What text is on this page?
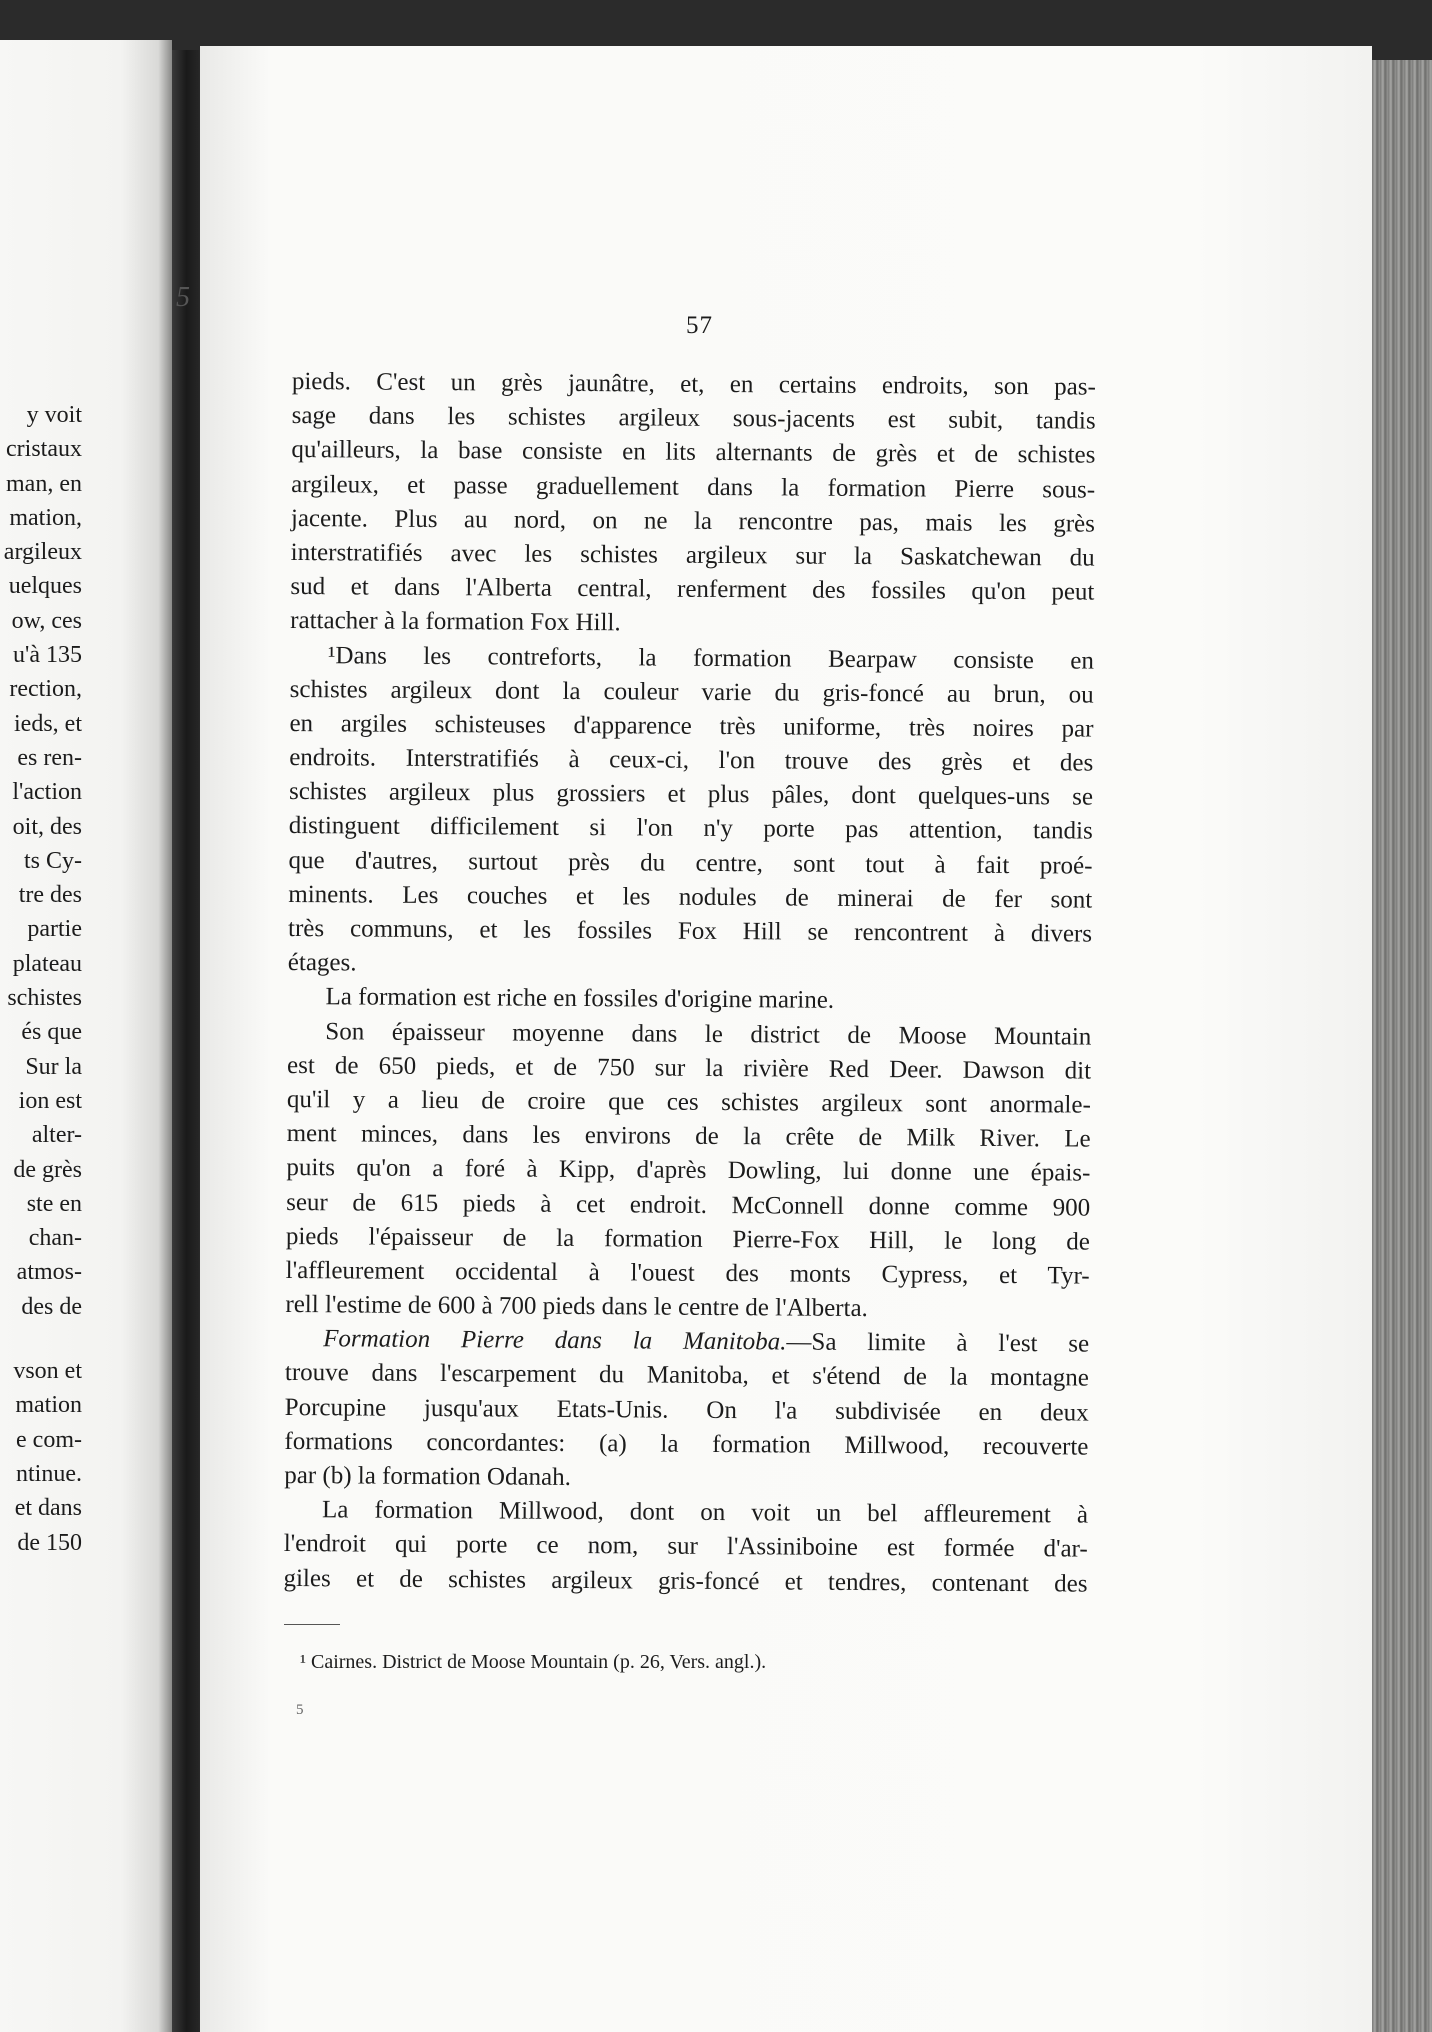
y voit
cristaux
man, en
mation,
argileux
uelques
ow, ces
u'à 135
rection,
ieds, et
es ren-
l'action
oit, des
ts Cy-
tre des
partie
plateau
schistes
és que
Sur la
ion est
alter-
de grès
ste en
chan-
atmos-
des de
vson et
mation
e com-
ntinue.
et dans
de 150
5
57
pieds. C'est un grès jaunâtre, et, en certains endroits, son pas-
sage dans les schistes argileux sous-jacents est subit, tandis
qu'ailleurs, la base consiste en lits alternants de grès et de schistes
argileux, et passe graduellement dans la formation Pierre sous-
jacente. Plus au nord, on ne la rencontre pas, mais les grès
interstratifiés avec les schistes argileux sur la Saskatchewan du
sud et dans l'Alberta central, renferment des fossiles qu'on peut
rattacher à la formation Fox Hill.
¹Dans les contreforts, la formation Bearpaw consiste en
schistes argileux dont la couleur varie du gris-foncé au brun, ou
en argiles schisteuses d'apparence très uniforme, très noires par
endroits. Interstratifiés à ceux-ci, l'on trouve des grès et des
schistes argileux plus grossiers et plus pâles, dont quelques-uns se
distinguent difficilement si l'on n'y porte pas attention, tandis
que d'autres, surtout près du centre, sont tout à fait proé-
minents. Les couches et les nodules de minerai de fer sont
très communs, et les fossiles Fox Hill se rencontrent à divers
étages.
La formation est riche en fossiles d'origine marine.
Son épaisseur moyenne dans le district de Moose Mountain
est de 650 pieds, et de 750 sur la rivière Red Deer. Dawson dit
qu'il y a lieu de croire que ces schistes argileux sont anormale-
ment minces, dans les environs de la crête de Milk River. Le
puits qu'on a foré à Kipp, d'après Dowling, lui donne une épais-
seur de 615 pieds à cet endroit. McConnell donne comme 900
pieds l'épaisseur de la formation Pierre-Fox Hill, le long de
l'affleurement occidental à l'ouest des monts Cypress, et Tyr-
rell l'estime de 600 à 700 pieds dans le centre de l'Alberta.
Formation Pierre dans la Manitoba.—Sa limite à l'est se
trouve dans l'escarpement du Manitoba, et s'étend de la montagne
Porcupine jusqu'aux Etats-Unis. On l'a subdivisée en deux
formations concordantes: (a) la formation Millwood, recouverte
par (b) la formation Odanah.
La formation Millwood, dont on voit un bel affleurement à
l'endroit qui porte ce nom, sur l'Assiniboine est formée d'ar-
giles et de schistes argileux gris-foncé et tendres, contenant des
¹ Cairnes. District de Moose Mountain (p. 26, Vers. angl.).
5
